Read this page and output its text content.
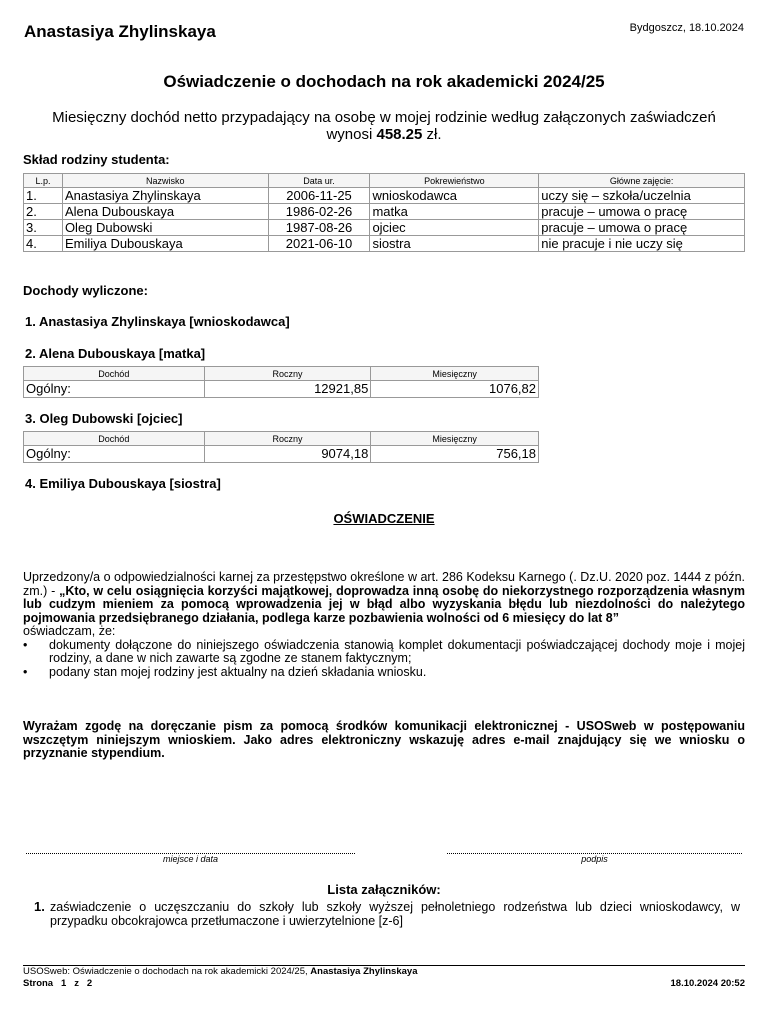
Anastasiya Zhylinskaya	Bydgoszcz, 18.10.2024
Oświadczenie o dochodach na rok akademicki 2024/25
Miesięczny dochód netto przypadający na osobę w mojej rodzinie według załączonych zaświadczeń wynosi 458.25 zł.
Skład rodziny studenta:
L.p.	Nazwisko	Data ur.	Pokrewieństwo	Główne zajęcie:
1.	Anastasiya Zhylinskaya	2006-11-25	wnioskodawca	uczy się – szkoła/uczelnia
2.	Alena Dubouskaya	1986-02-26	matka	pracuje – umowa o pracę
3.	Oleg Dubowski	1987-08-26	ojciec	pracuje – umowa o pracę
4.	Emiliya Dubouskaya	2021-06-10	siostra	nie pracuje i nie uczy się
Dochody wyliczone:
1. Anastasiya Zhylinskaya [wnioskodawca]
2. Alena Dubouskaya [matka]
Dochód	Roczny	Miesięczny
Ogólny:	12921,85	1076,82
3. Oleg Dubowski [ojciec]
Dochód	Roczny	Miesięczny
Ogólny:	9074,18	756,18
4. Emiliya Dubouskaya [siostra]
OŚWIADCZENIE
Uprzedzony/a o odpowiedzialności karnej za przestępstwo określone w art. 286 Kodeksu Karnego (. Dz.U. 2020 poz. 1444 z późn. zm.) - „Kto, w celu osiągnięcia korzyści majątkowej, doprowadza inną osobę do niekorzystnego rozporządzenia własnym lub cudzym mieniem za pomocą wprowadzenia jej w błąd albo wyzyskania błędu lub niezdolności do należytego pojmowania przedsiębranego działania, podlega karze pozbawienia wolności od 6 miesięcy do lat 8”
oświadczam, że:
• dokumenty dołączone do niniejszego oświadczenia stanowią komplet dokumentacji poświadczającej dochody moje i mojej rodziny, a dane w nich zawarte są zgodne ze stanem faktycznym;
• podany stan mojej rodziny jest aktualny na dzień składania wniosku.
Wyrażam zgodę na doręczanie pism za pomocą środków komunikacji elektronicznej - USOSweb w postępowaniu wszczętym niniejszym wnioskiem. Jako adres elektroniczny wskazuję adres e-mail znajdujący się we wniosku o przyznanie stypendium.
miejsce i data	podpis
Lista załączników:
1. zaświadczenie o uczęszczaniu do szkoły lub szkoły wyższej pełnoletniego rodzeństwa lub dzieci wnioskodawcy, w przypadku obcokrajowca przetłumaczone i uwierzytelnione [z-6]
USOSweb: Oświadczenie o dochodach na rok akademicki 2024/25, Anastasiya Zhylinskaya
Strona 1 z 2	18.10.2024 20:52
